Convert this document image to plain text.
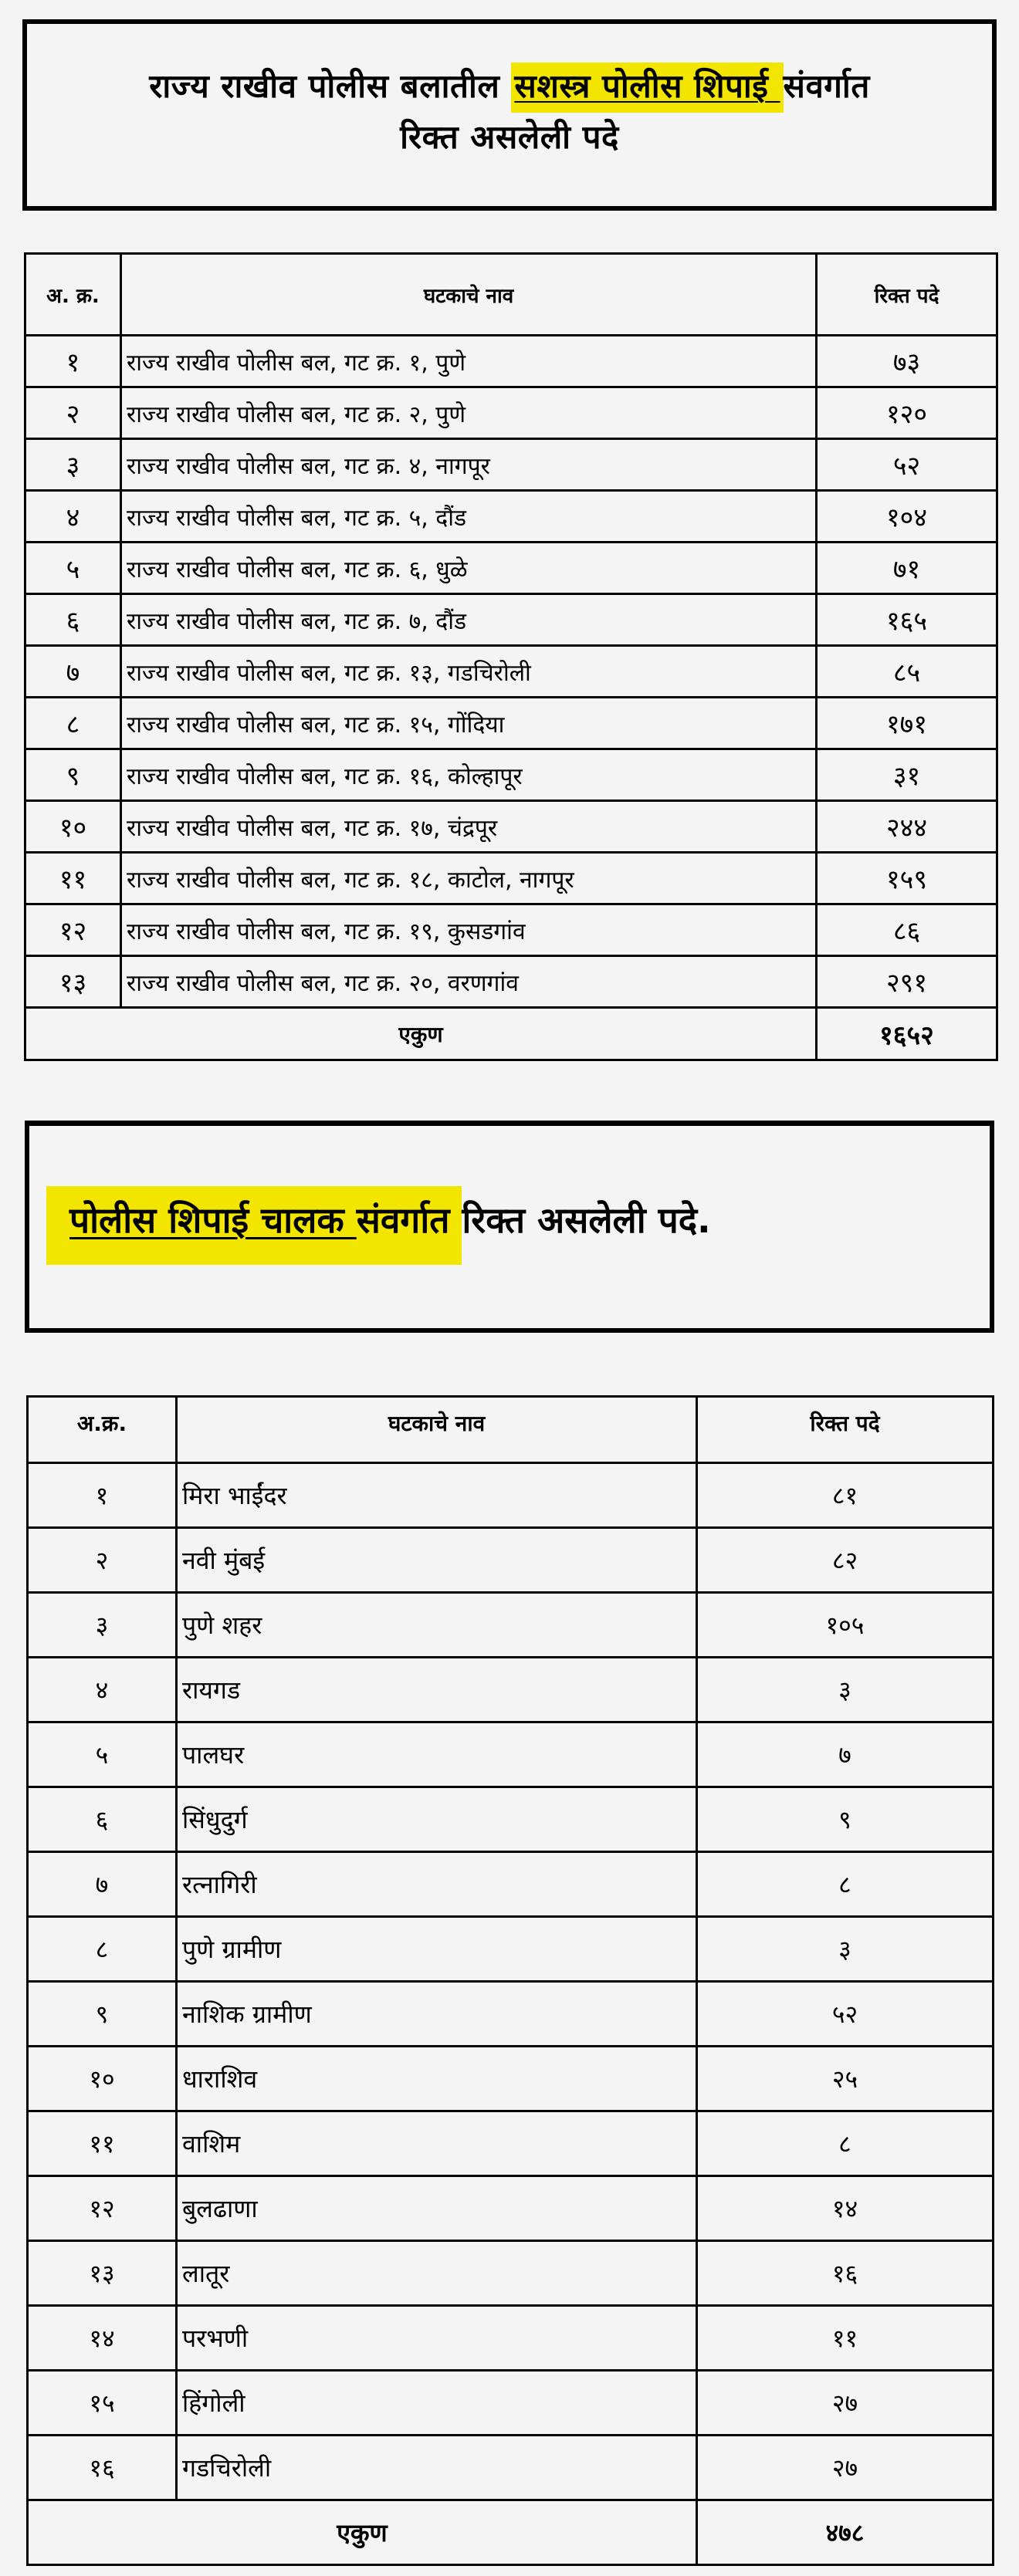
राज्य राखीव पोलीस बलातील सशस्त्र पोलीस शिपाई संवर्गात
रिक्त असलेली पदे
अ. क्र.	घटकाचे नाव	रिक्त पदे
१	राज्य राखीव पोलीस बल, गट क्र. १, पुणे	७३
२	राज्य राखीव पोलीस बल, गट क्र. २, पुणे	१२०
३	राज्य राखीव पोलीस बल, गट क्र. ४, नागपूर	५२
४	राज्य राखीव पोलीस बल, गट क्र. ५, दौंड	१०४
५	राज्य राखीव पोलीस बल, गट क्र. ६, धुळे	७१
६	राज्य राखीव पोलीस बल, गट क्र. ७, दौंड	१६५
७	राज्य राखीव पोलीस बल, गट क्र. १३, गडचिरोली	८५
८	राज्य राखीव पोलीस बल, गट क्र. १५, गोंदिया	१७१
९	राज्य राखीव पोलीस बल, गट क्र. १६, कोल्हापूर	३१
१०	राज्य राखीव पोलीस बल, गट क्र. १७, चंद्रपूर	२४४
११	राज्य राखीव पोलीस बल, गट क्र. १८, काटोल, नागपूर	१५९
१२	राज्य राखीव पोलीस बल, गट क्र. १९, कुसडगांव	८६
१३	राज्य राखीव पोलीस बल, गट क्र. २०, वरणगांव	२९१
एकुण		१६५२
पोलीस शिपाई चालक संवर्गात रिक्त असलेली पदे.
अ.क्र.	घटकाचे नाव	रिक्त पदे
१	मिरा भाईंदर	८१
२	नवी मुंबई	८२
३	पुणे शहर	१०५
४	रायगड	३
५	पालघर	७
६	सिंधुदुर्ग	९
७	रत्नागिरी	८
८	पुणे ग्रामीण	३
९	नाशिक ग्रामीण	५२
१०	धाराशिव	२५
११	वाशिम	८
१२	बुलढाणा	१४
१३	लातूर	१६
१४	परभणी	११
१५	हिंगोली	२७
१६	गडचिरोली	२७
एकुण		४७८
